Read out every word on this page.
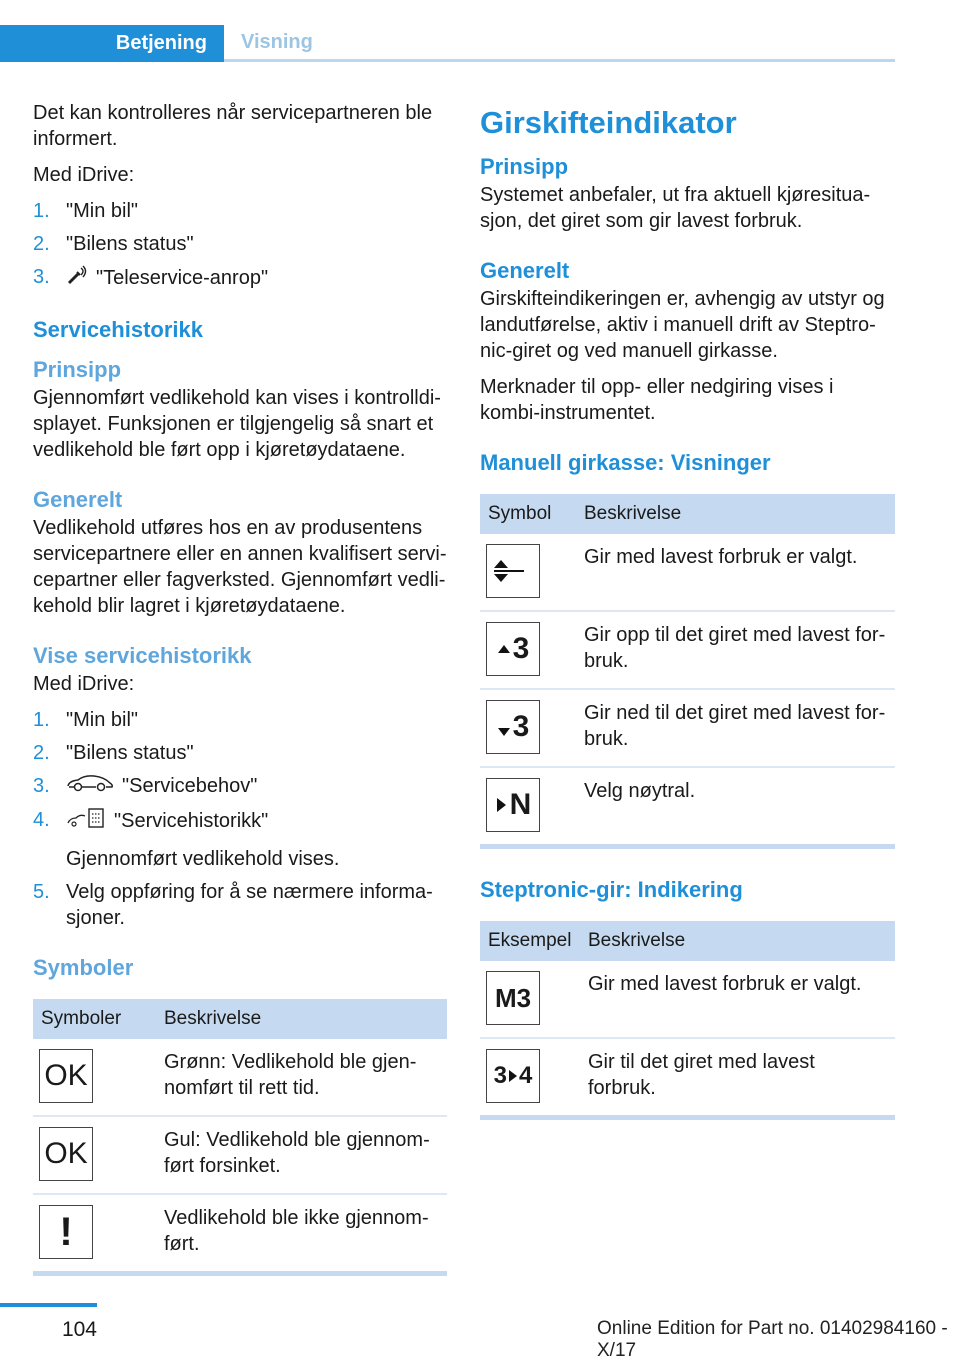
Betjening Visning

Det kan kontrolleres når servicepartneren ble informert.

Med iDrive:

1. "Min bil"
2. "Bilens status"
3.	"Teleservice-anrop"
Servicehistorikk
Prinsipp

Gjennomført vedlikehold kan vises i kontrolldisplayet. Funksjonen er tilgjengelig så snart et vedlikehold ble ført opp i kjøretøydataene.

Generelt

Vedlikehold utføres hos en av produsentens servicepartnere eller en annen kvalifisert servicepartner eller fagverksted. Gjennomført vedlikehold blir lagret i kjøretøydataene.

Vise servicehistorikk

Med iDrive:

1. "Min bil"
2. "Bilens status"
3.	"Servicebehov"
4.	"Servicehistorikk"
Gjennomført vedlikehold vises.
5. Velg oppføring for å se nærmere informasjoner.
Symboler
Symboler	Beskrivelse

OK	Grønn: Vedlikehold ble gjennomført til rett tid.

OK	Gul: Vedlikehold ble gjennomført forsinket.

!	Vedlikehold ble ikke gjennomført.
Girskifteindikator
Prinsipp

Systemet anbefaler, ut fra aktuell kjøresituasjon, det giret som gir lavest forbruk.

Generelt

Girskifteindikeringen er, avhengig av utstyr og landutførelse, aktiv i manuell drift av Steptronic-giret og ved manuell girkasse.

Merknader til opp- eller nedgiring vises i kombi-instrumentet.

Manuell girkasse: Visninger
Symbol	Beskrivelse

	Gir med lavest forbruk er valgt.

3	Gir opp til det giret med lavest forbruk.

3	Gir ned til det giret med lavest forbruk.

N	Velg nøytral.
Steptronic-gir: Indikering
Eksempel	Beskrivelse

M3	Gir med lavest forbruk er valgt.

3 4	Gir til det giret med lavest forbruk.
104	Online Edition for Part no. 01402984160 - X/17
